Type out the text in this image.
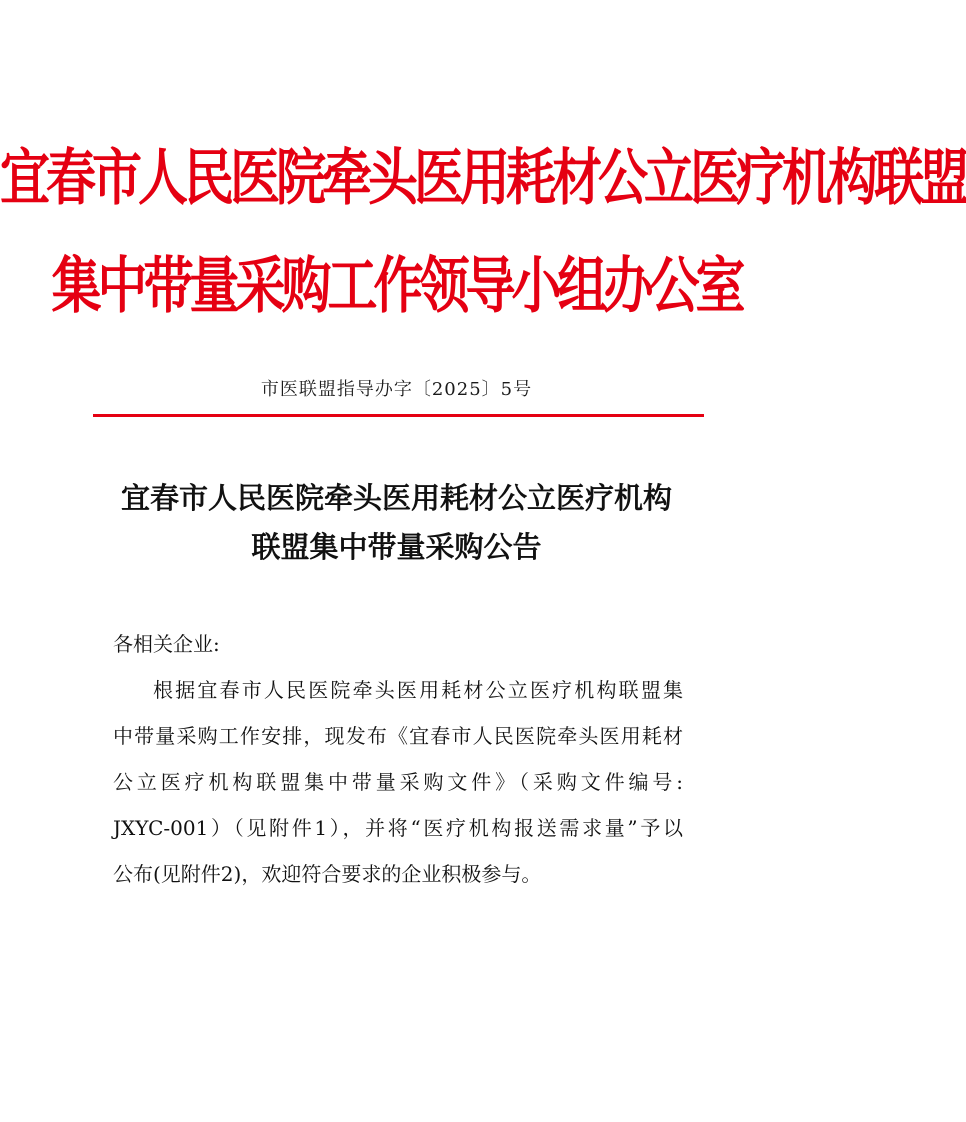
宜春市人民医院牵头医用耗材公立医疗机构联盟
集中带量采购工作领导小组办公室
市医联盟指导办字〔2025〕5号
宜春市人民医院牵头医用耗材公立医疗机构
联盟集中带量采购公告
各相关企业:
根据宜春市人民医院牵头医用耗材公立医疗机构联盟集
中带量采购工作安排，现发布《宜春市人民医院牵头医用耗材
公立医疗机构联盟集中带量采购文件》（采购文件编号:
JXYC-001）（见附件1），并将“医疗机构报送需求量”予以
公布(见附件2)，欢迎符合要求的企业积极参与。
